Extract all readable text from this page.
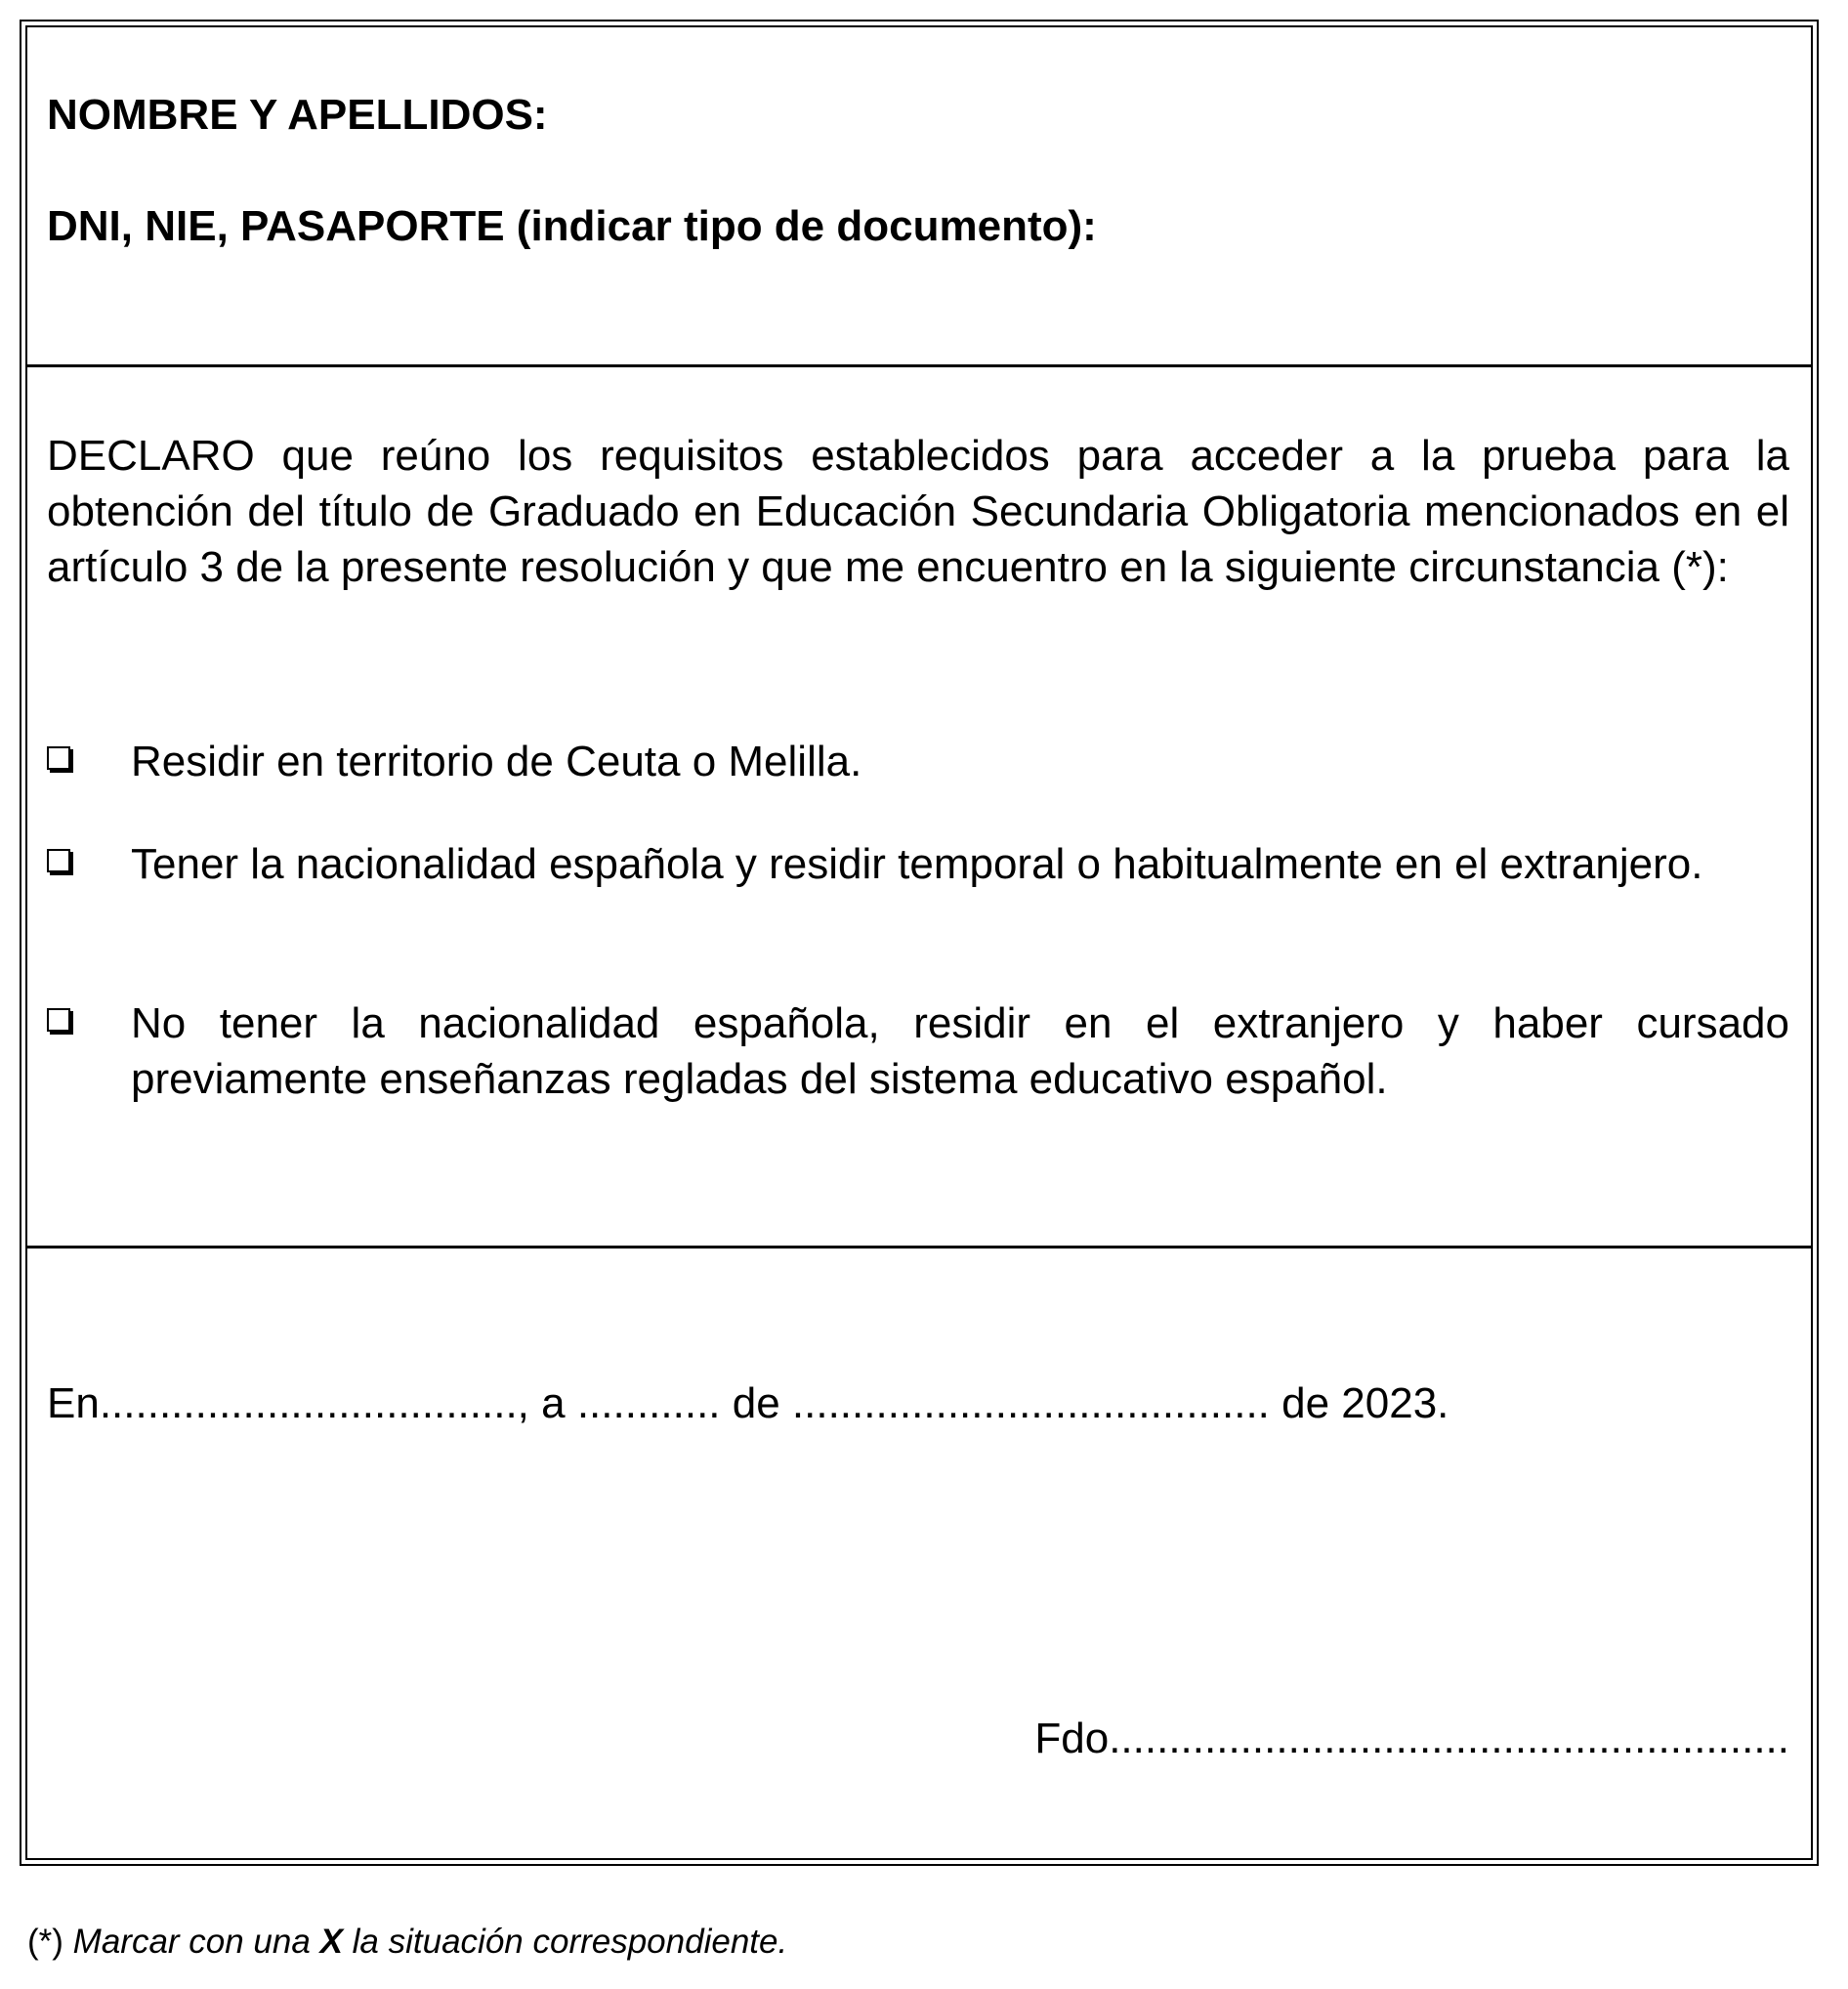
NOMBRE Y APELLIDOS:
DNI, NIE, PASAPORTE (indicar tipo de documento):

DECLARO que reúno los requisitos establecidos para acceder a la prueba para la obtención del título de Graduado en Educación Secundaria Obligatoria mencionados en el artículo 3 de la presente resolución y que me encuentro en la siguiente circunstancia (*):

Residir en territorio de Ceuta o Melilla.
Tener la nacionalidad española y residir temporal o habitualmente en el extranjero.
No tener la nacionalidad española, residir en el extranjero y haber cursado previamente enseñanzas regladas del sistema educativo español.
En..................................., a ............ de ........................................ de 2023.
Fdo.........................................................
(*) Marcar con una X la situación correspondiente.
